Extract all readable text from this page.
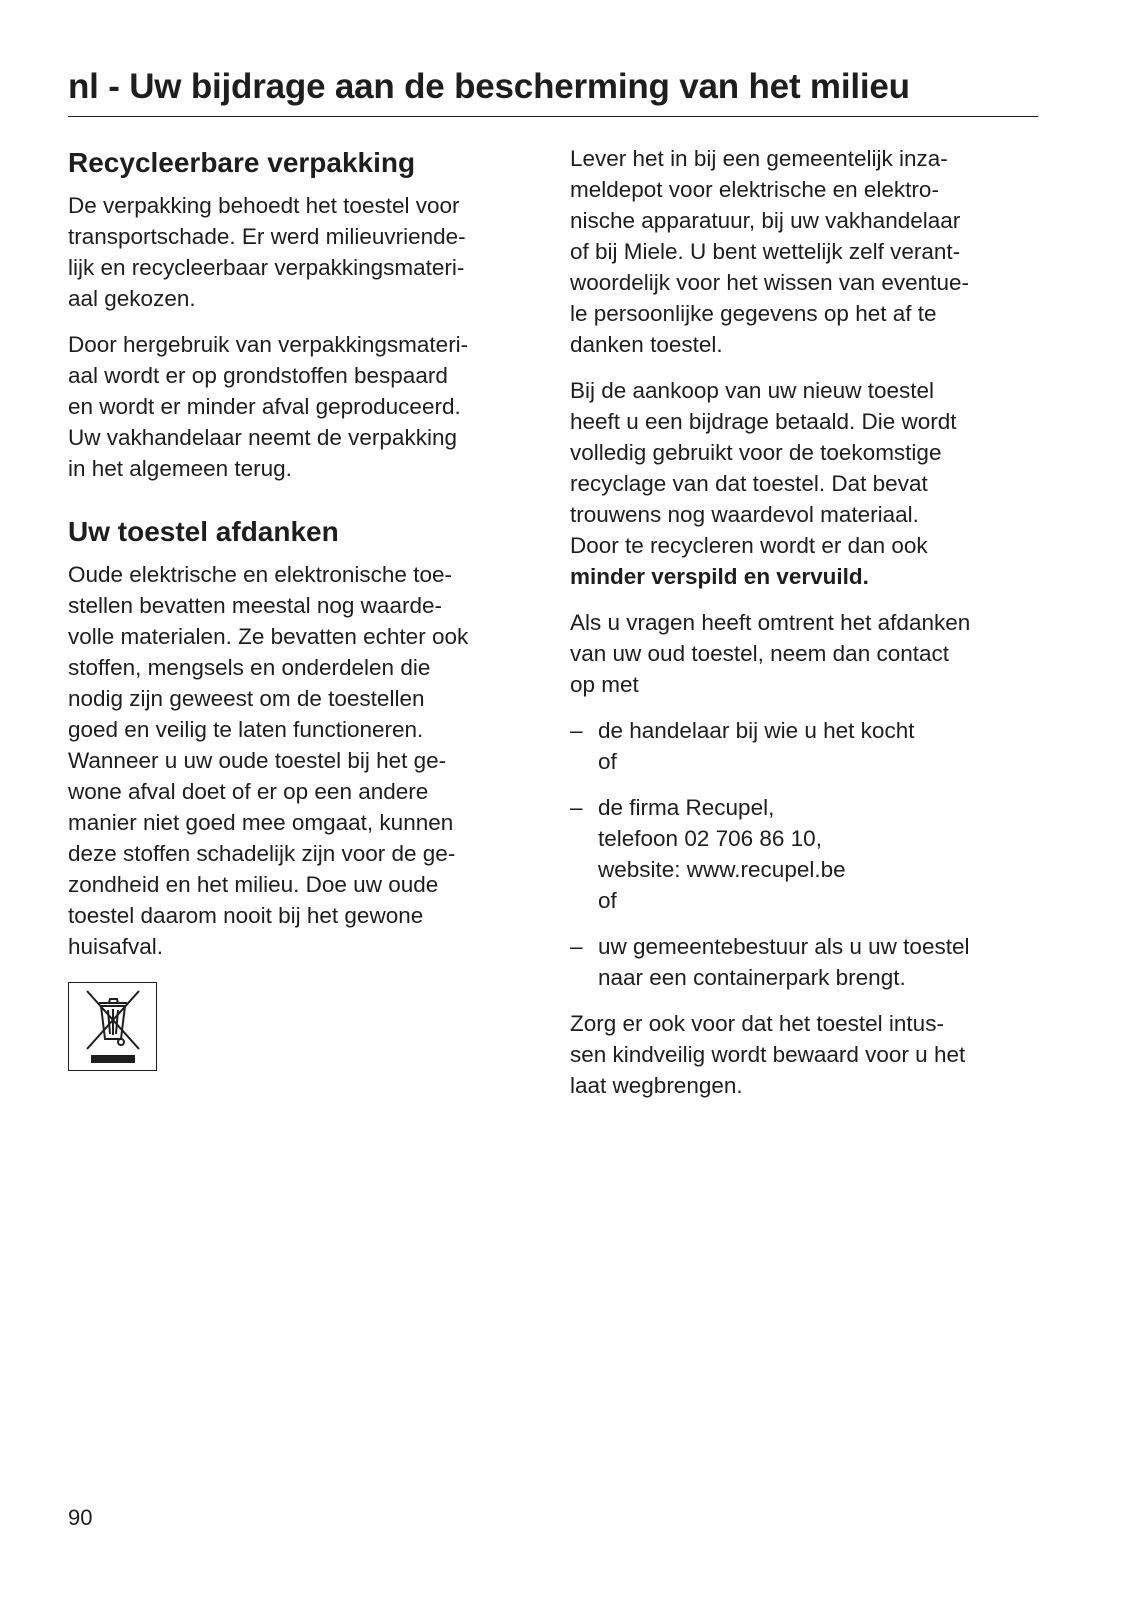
nl - Uw bijdrage aan de bescherming van het milieu
Recycleerbare verpakking

De verpakking behoedt het toestel voor
transportschade. Er werd milieuvriende-
lijk en recycleerbaar verpakkingsmateri-
aal gekozen.

Door hergebruik van verpakkingsmateri-
aal wordt er op grondstoffen bespaard
en wordt er minder afval geproduceerd.
Uw vakhandelaar neemt de verpakking
in het algemeen terug.

Uw toestel afdanken

Oude elektrische en elektronische toe-
stellen bevatten meestal nog waarde-
volle materialen. Ze bevatten echter ook
stoffen, mengsels en onderdelen die
nodig zijn geweest om de toestellen
goed en veilig te laten functioneren.
Wanneer u uw oude toestel bij het ge-
wone afval doet of er op een andere
manier niet goed mee omgaat, kunnen
deze stoffen schadelijk zijn voor de ge-
zondheid en het milieu. Doe uw oude
toestel daarom nooit bij het gewone
huisafval.

Lever het in bij een gemeentelijk inza-
meldepot voor elektrische en elektro-
nische apparatuur, bij uw vakhandelaar
of bij Miele. U bent wettelijk zelf verant-
woordelijk voor het wissen van eventue-
le persoonlijke gegevens op het af te
danken toestel.

Bij de aankoop van uw nieuw toestel
heeft u een bijdrage betaald. Die wordt
volledig gebruikt voor de toekomstige
recyclage van dat toestel. Dat bevat
trouwens nog waardevol materiaal.
Door te recycleren wordt er dan ook
minder verspild en vervuild.

Als u vragen heeft omtrent het afdanken
van uw oud toestel, neem dan contact
op met

– de handelaar bij wie u het kocht
of
– de firma Recupel,
telefoon 02 706 86 10,
website: www.recupel.be
of
– uw gemeentebestuur als u uw toestel
naar een containerpark brengt.

Zorg er ook voor dat het toestel intus-
sen kindveilig wordt bewaard voor u het
laat wegbrengen.

90
